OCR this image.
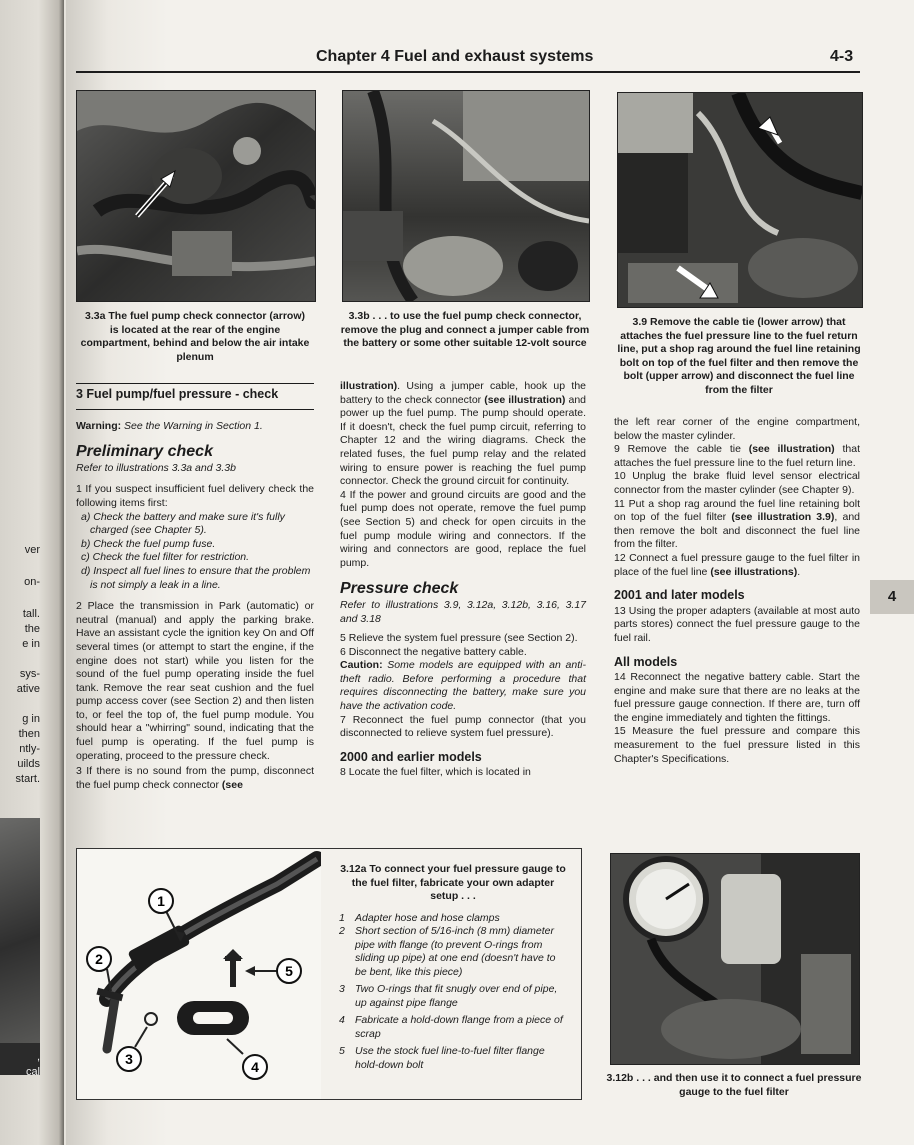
ver
on-
tall.
the
e in
sys-
ative
g in
then
ntly-
uilds
start.
,
cal
Chapter 4 Fuel and exhaust systems	4-3
3.3a The fuel pump check connector (arrow) is located at the rear of the engine compartment, behind and below the air intake plenum
3.3b . . . to use the fuel pump check connector, remove the plug and connect a jumper cable from the battery or some other suitable 12-volt source
3.9 Remove the cable tie (lower arrow) that attaches the fuel pressure line to the fuel return line, put a shop rag around the fuel line retaining bolt on top of the fuel filter and then remove the bolt (upper arrow) and disconnect the fuel line from the filter
3 Fuel pump/fuel pressure - check

Warning: See the Warning in Section 1.

Preliminary check

Refer to illustrations 3.3a and 3.3b

1 If you suspect insufficient fuel delivery check the following items first:

a) Check the battery and make sure it's fully charged (see Chapter 5).
b) Check the fuel pump fuse.
c) Check the fuel filter for restriction.
d) Inspect all fuel lines to ensure that the problem is not simply a leak in a line.

2 Place the transmission in Park (automatic) or neutral (manual) and apply the parking brake. Have an assistant cycle the ignition key On and Off several times (or attempt to start the engine, if the engine does not start) while you listen for the sound of the fuel pump operating inside the fuel tank. Remove the rear seat cushion and the fuel pump access cover (see Section 2) and then listen to, or feel the top of, the fuel pump module. You should hear a "whirring" sound, indicating that the fuel pump is operating. If the fuel pump is operating, proceed to the pressure check.

3 If there is no sound from the pump, disconnect the fuel pump check connector (see

illustration). Using a jumper cable, hook up the battery to the check connector (see illustration) and power up the fuel pump. The pump should operate. If it doesn't, check the fuel pump circuit, referring to Chapter 12 and the wiring diagrams. Check the related fuses, the fuel pump relay and the related wiring to ensure power is reaching the fuel pump connector. Check the ground circuit for continuity.

4 If the power and ground circuits are good and the fuel pump does not operate, remove the fuel pump (see Section 5) and check for open circuits in the fuel pump module wiring and connectors. If the wiring and connectors are good, replace the fuel pump.

Pressure check

Refer to illustrations 3.9, 3.12a, 3.12b, 3.16, 3.17 and 3.18

5 Relieve the system fuel pressure (see Section 2).

6 Disconnect the negative battery cable.

Caution: Some models are equipped with an anti-theft radio. Before performing a procedure that requires disconnecting the battery, make sure you have the activation code.

7 Reconnect the fuel pump connector (that you disconnected to relieve system fuel pressure).

2000 and earlier models

8 Locate the fuel filter, which is located in

the left rear corner of the engine compartment, below the master cylinder.

9 Remove the cable tie (see illustration) that attaches the fuel pressure line to the fuel return line.

10 Unplug the brake fluid level sensor electrical connector from the master cylinder (see Chapter 9).

11 Put a shop rag around the fuel line retaining bolt on top of the fuel filter (see illustration 3.9), and then remove the bolt and disconnect the fuel line from the filter.

12 Connect a fuel pressure gauge to the fuel filter in place of the fuel line (see illustrations).

2001 and later models

13 Using the proper adapters (available at most auto parts stores) connect the fuel pressure gauge to the fuel rail.

All models

14 Reconnect the negative battery cable. Start the engine and make sure that there are no leaks at the fuel pressure gauge connection. If there are, turn off the engine immediately and tighten the fittings.

15 Measure the fuel pressure and compare this measurement to the fuel pressure listed in this Chapter's Specifications.

4
1
2
3	4
5
3.12a To connect your fuel pressure gauge to the fuel filter, fabricate your own adapter setup . . .
1 Adapter hose and hose clamps
2 Short section of 5/16-inch (8 mm) diameter pipe with flange (to prevent O-rings from sliding up pipe) at one end (doesn't have to be bent, like this piece)
3 Two O-rings that fit snugly over end of pipe, up against pipe flange
4 Fabricate a hold-down flange from a piece of scrap
5 Use the stock fuel line-to-fuel filter flange hold-down bolt
3.12b . . . and then use it to connect a fuel pressure gauge to the fuel filter
